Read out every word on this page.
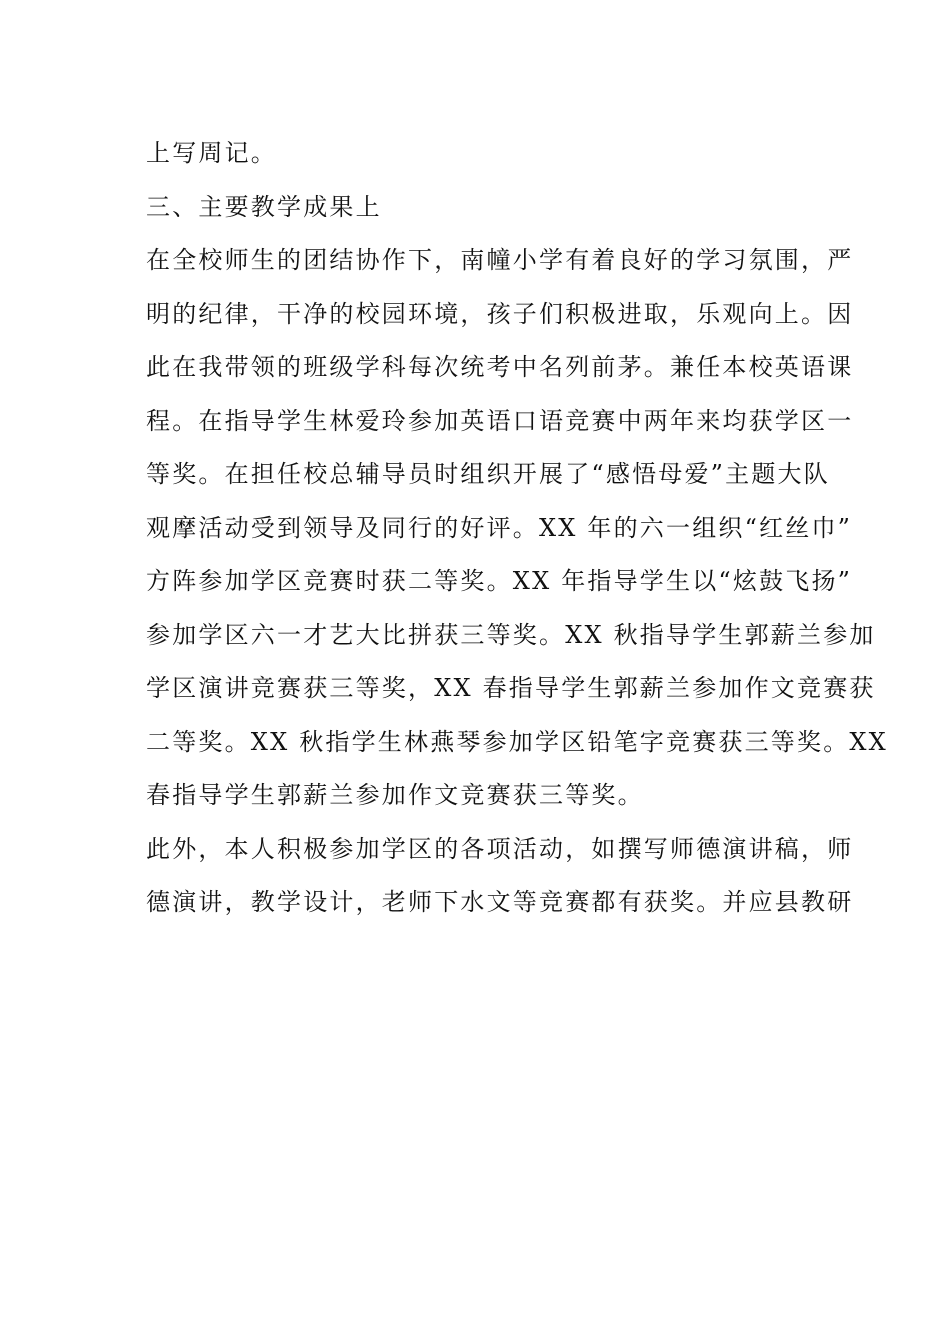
上写周记。
三、主要教学成果上
在全校师生的团结协作下，南幢小学有着良好的学习氛围，严
明的纪律，干净的校园环境，孩子们积极进取，乐观向上。因
此在我带领的班级学科每次统考中名列前茅。兼任本校英语课
程。在指导学生林爱玲参加英语口语竞赛中两年来均获学区一
等奖。在担任校总辅导员时组织开展了“感悟母爱”主题大队
观摩活动受到领导及同行的好评。XX 年的六一组织“红丝巾”
方阵参加学区竞赛时获二等奖。XX 年指导学生以“炫鼓飞扬”
参加学区六一才艺大比拼获三等奖。XX 秋指导学生郭薪兰参加
学区演讲竞赛获三等奖，XX 春指导学生郭薪兰参加作文竞赛获
二等奖。XX 秋指学生林燕琴参加学区铅笔字竞赛获三等奖。XX
春指导学生郭薪兰参加作文竞赛获三等奖。
此外，本人积极参加学区的各项活动，如撰写师德演讲稿，师
德演讲，教学设计，老师下水文等竞赛都有获奖。并应县教研
